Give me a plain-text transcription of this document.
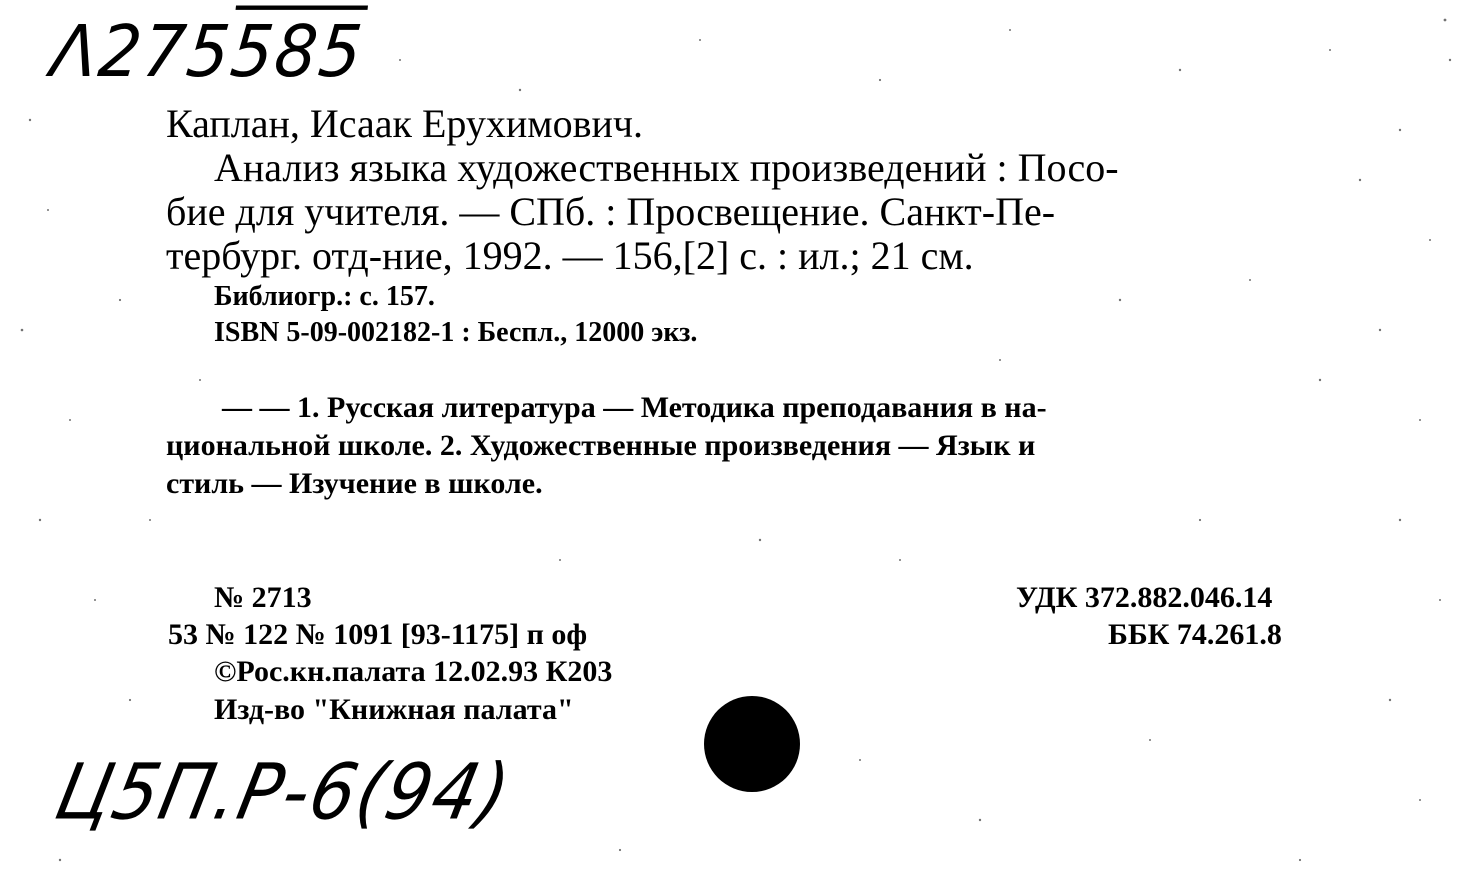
Λ275585
Каплан, Исаак Ерухимович.
Анализ языка художественных произведений : Посо-
бие для учителя. — СПб. : Просвещение. Санкт-Пе-
тербург. отд-ние, 1992. — 156,[2] с. : ил.; 21 см.
Библиогр.: с. 157.
ISBN 5-09-002182-1 : Беспл., 12000 экз.
— — 1. Русская литература — Методика преподавания в на-
циональной школе. 2. Художественные произведения — Язык и
стиль — Изучение в школе.
№ 2713
53 № 122 № 1091 [93-1175] п оф
©Рос.кн.палата 12.02.93 К203
Изд-во "Книжная палата"
УДК 372.882.046.14
ББК 74.261.8
Ц5П.Р-6(94)
